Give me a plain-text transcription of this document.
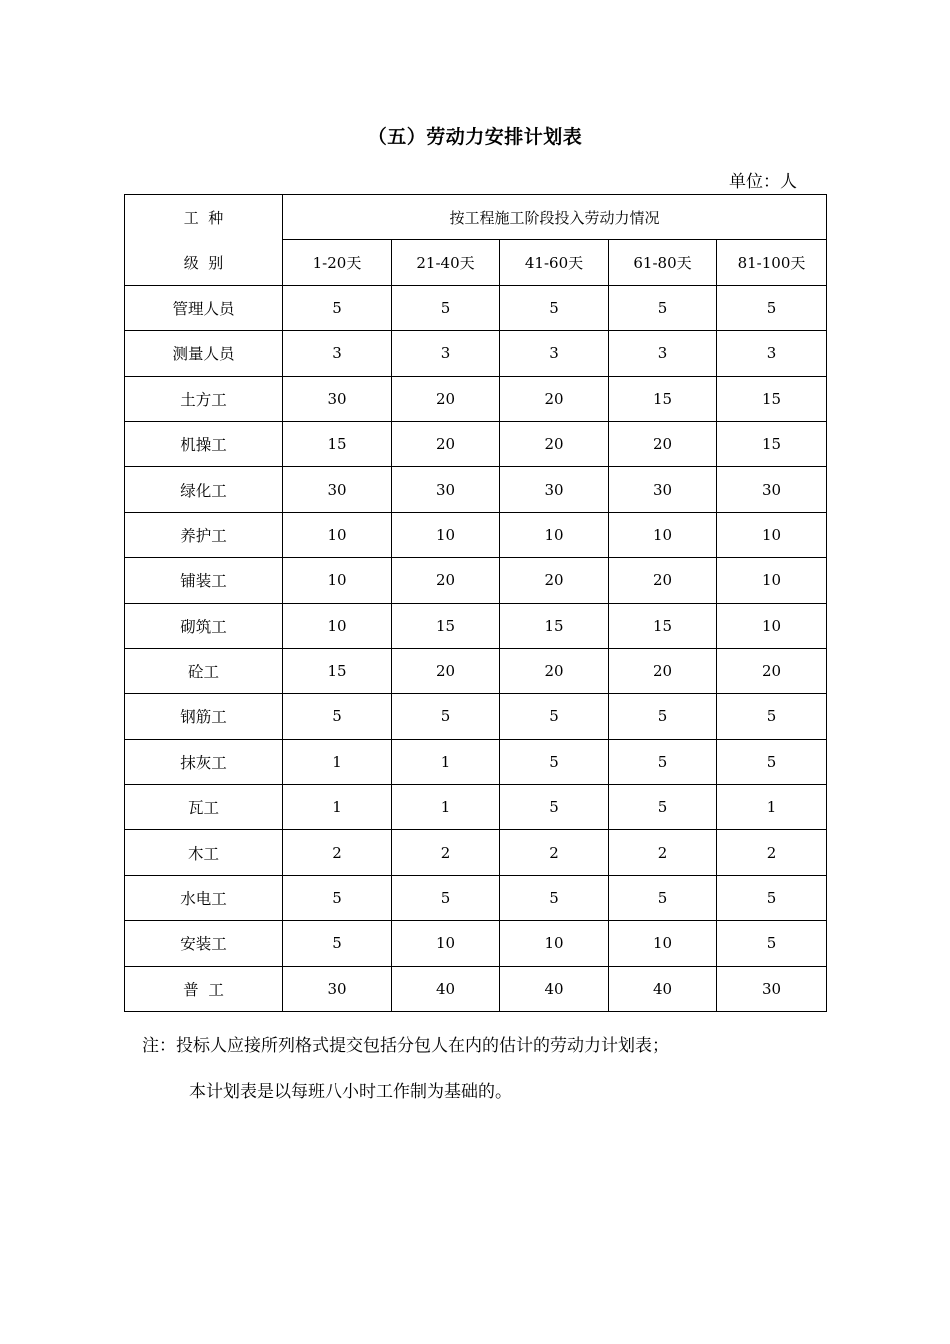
（五）劳动力安排计划表
单位：人
工  种	按工程施工阶段投入劳动力情况				
级  别	1-20天	21-40天	41-60天	61-80天	81-100天
管理人员	5	5	5	5	5
测量人员	3	3	3	3	3
土方工	30	20	20	15	15
机操工	15	20	20	20	15
绿化工	30	30	30	30	30
养护工	10	10	10	10	10
铺装工	10	20	20	20	10
砌筑工	10	15	15	15	10
砼工	15	20	20	20	20
钢筋工	5	5	5	5	5
抹灰工	1	1	5	5	5
瓦工	1	1	5	5	1
木工	2	2	2	2	2
水电工	5	5	5	5	5
安装工	5	10	10	10	5
普  工	30	40	40	40	30
注：投标人应接所列格式提交包括分包人在内的估计的劳动力计划表；
本计划表是以每班八小时工作制为基础的。
